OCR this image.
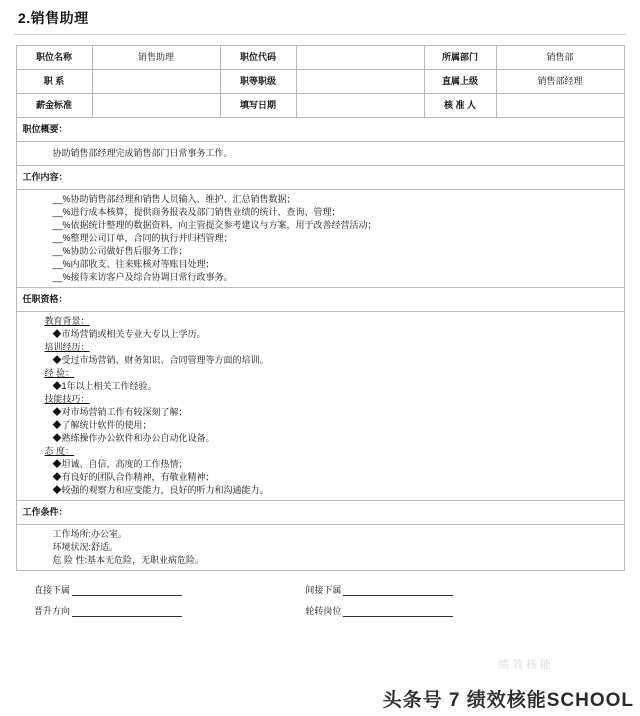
2.销售助理
职位名称	销售助理	职位代码		所属部门	销售部
职 系		职等职级		直属上级	销售部经理
薪金标准		填写日期		核 准 人	
职位概要：					

协助销售部经理完成销售部门日常事务工作。					

工作内容：					

__%协助销售部经理和销售人员输入、维护、汇总销售数据；
__%进行成本核算，提供商务报表及部门销售业绩的统计、查询、管理；
__%依据统计整理的数据资料，向主管提交参考建议与方案，用于改善经营活动；
__%整理公司订单，合同的执行并归档管理；
__%协助公司做好售后服务工作；
__%内部收支、往来账核对等账目处理；
__%接待来访客户及综合协调日常行政事务。

任职资格：					

教育背景：
◆市场营销或相关专业大专以上学历。
培训经历：
◆受过市场营销、财务知识、合同管理等方面的培训。
经 验：
◆1年以上相关工作经验。
技能技巧：
◆对市场营销工作有较深刻了解；
◆了解统计软件的使用；
◆熟练操作办公软件和办公自动化设备。
态 度：
◆坦诚、自信，高度的工作热情；
◆有良好的团队合作精神，有敬业精神；
◆较强的观察力和应变能力，良好的听力和沟通能力。

工作条件：					

工作场所:办公室。
环境状况:舒适。
危 险 性:基本无危险，无职业病危险。					
直接下属	间接下属
晋升方向	轮转岗位
绩效核能
头条号 7 绩效核能SCHOOL
